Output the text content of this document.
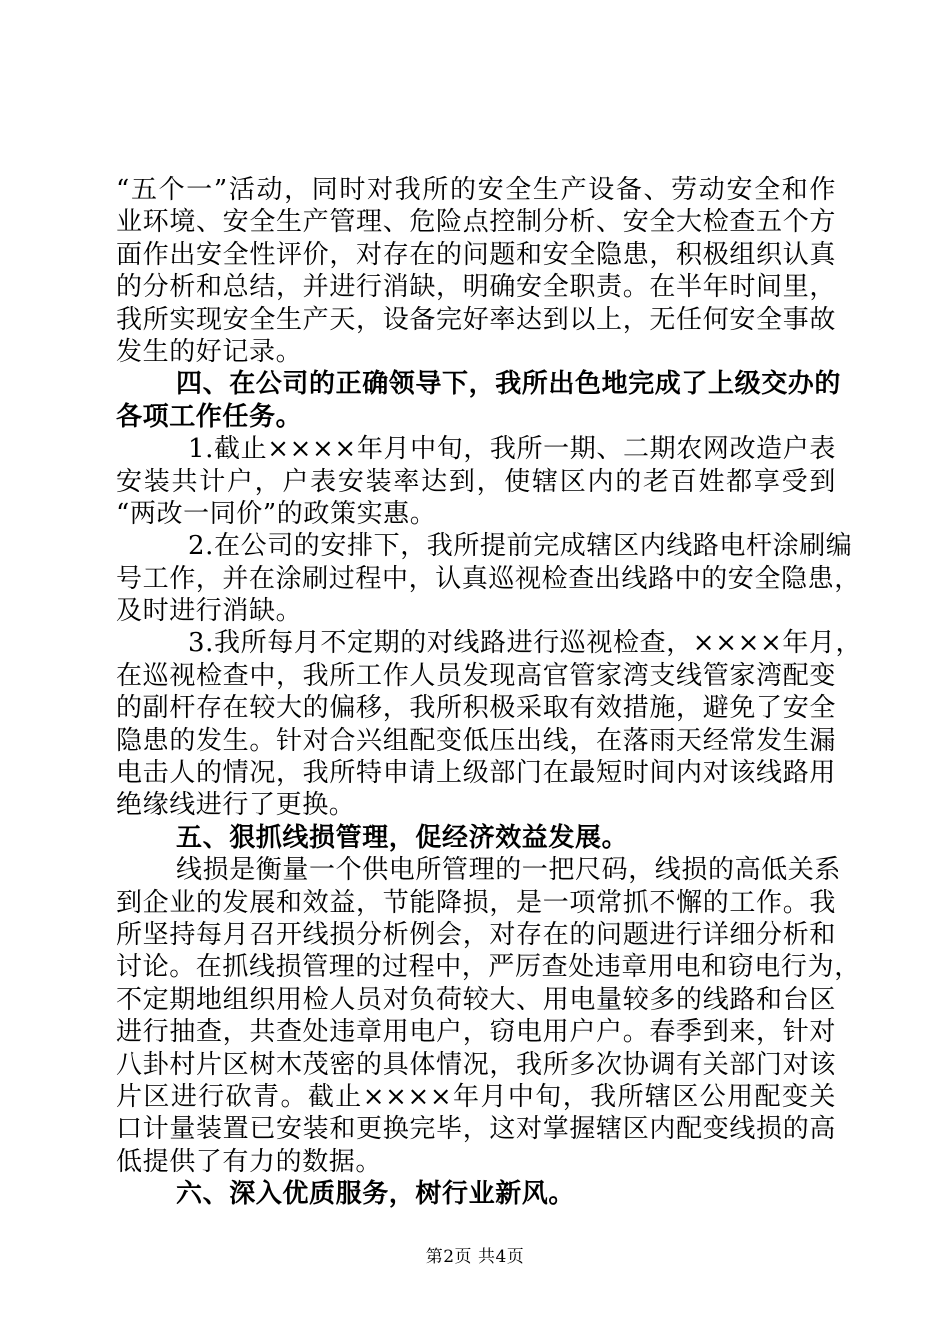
“五个一”活动，同时对我所的安全生产设备、劳动安全和作
业环境、安全生产管理、危险点控制分析、安全大检查五个方
面作出安全性评价，对存在的问题和安全隐患，积极组织认真
的分析和总结，并进行消缺，明确安全职责。在半年时间里，
我所实现安全生产天，设备完好率达到以上，无任何安全事故
发生的好记录。
四、在公司的正确领导下，我所出色地完成了上级交办的
各项工作任务。
1.截止××××年月中旬，我所一期、二期农网改造户表
安装共计户，户表安装率达到，使辖区内的老百姓都享受到
“两改一同价”的政策实惠。
2.在公司的安排下，我所提前完成辖区内线路电杆涂刷编
号工作，并在涂刷过程中，认真巡视检查出线路中的安全隐患，
及时进行消缺。
3.我所每月不定期的对线路进行巡视检查，××××年月，
在巡视检查中，我所工作人员发现高官管家湾支线管家湾配变
的副杆存在较大的偏移，我所积极采取有效措施，避免了安全
隐患的发生。针对合兴组配变低压出线，在落雨天经常发生漏
电击人的情况，我所特申请上级部门在最短时间内对该线路用
绝缘线进行了更换。
五、狠抓线损管理，促经济效益发展。
线损是衡量一个供电所管理的一把尺码，线损的高低关系
到企业的发展和效益，节能降损，是一项常抓不懈的工作。我
所坚持每月召开线损分析例会，对存在的问题进行详细分析和
讨论。在抓线损管理的过程中，严厉查处违章用电和窃电行为，
不定期地组织用检人员对负荷较大、用电量较多的线路和台区
进行抽查，共查处违章用电户，窃电用户户。春季到来，针对
八卦村片区树木茂密的具体情况，我所多次协调有关部门对该
片区进行砍青。截止××××年月中旬，我所辖区公用配变关
口计量装置已安装和更换完毕，这对掌握辖区内配变线损的高
低提供了有力的数据。
六、深入优质服务，树行业新风。
第2页 共4页
